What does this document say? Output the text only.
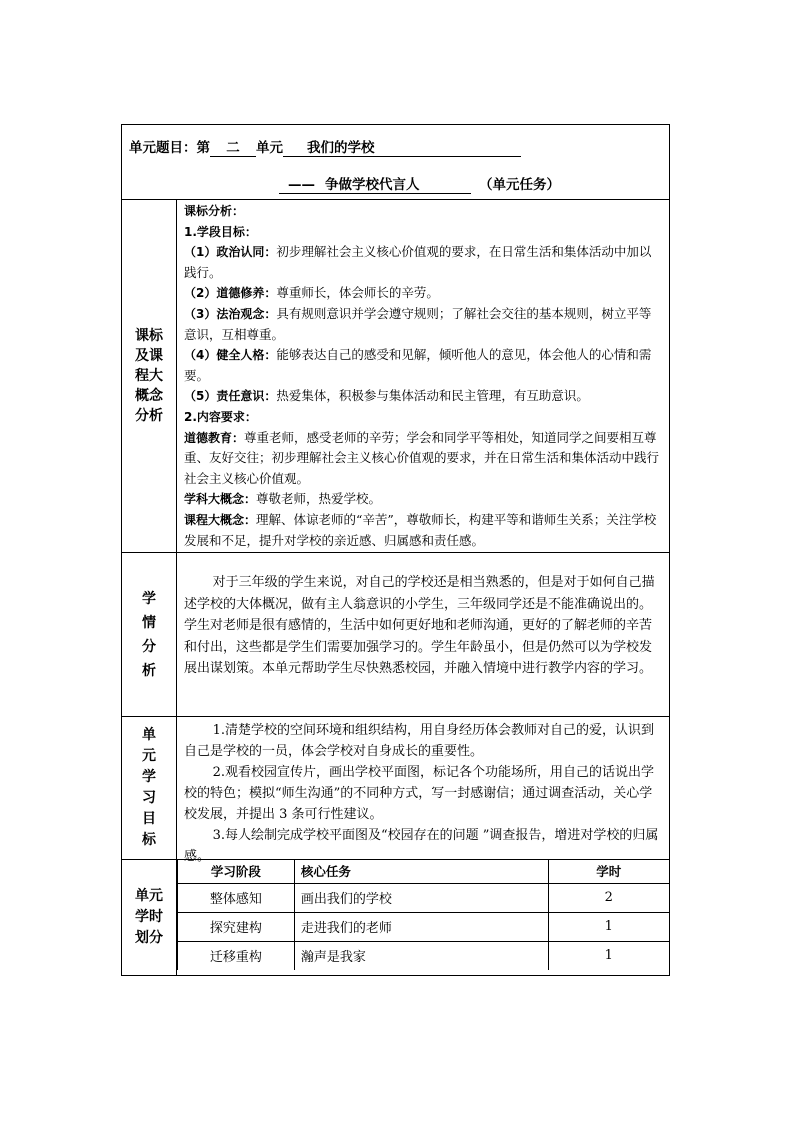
单元题目：第 二 单元 我们的学校
—— 争做学校代言人	（单元任务）
课标及课程大概念分析

课标分析：

1.学段目标：

（1）政治认同：初步理解社会主义核心价值观的要求，在日常生活和集体活动中加以践行。

（2）道德修养：尊重师长，体会师长的辛劳。

（3）法治观念：具有规则意识并学会遵守规则；了解社会交往的基本规则，树立平等意识，互相尊重。

（4）健全人格：能够表达自己的感受和见解，倾听他人的意见，体会他人的心情和需要。

（5）责任意识：热爱集体，积极参与集体活动和民主管理，有互助意识。

2.内容要求：

道德教育：尊重老师，感受老师的辛劳；学会和同学平等相处，知道同学之间要相互尊重、友好交往；初步理解社会主义核心价值观的要求，并在日常生活和集体活动中践行社会主义核心价值观。

学科大概念：尊敬老师，热爱学校。

课程大概念：理解、体谅老师的“辛苦”，尊敬师长，构建平等和谐师生关系；关注学校发展和不足，提升对学校的亲近感、归属感和责任感。

学情分析

对于三年级的学生来说，对自己的学校还是相当熟悉的，但是对于如何自己描述学校的大体概况，做有主人翁意识的小学生，三年级同学还是不能准确说出的。学生对老师是很有感情的，生活中如何更好地和老师沟通，更好的了解老师的辛苦和付出，这些都是学生们需要加强学习的。学生年龄虽小，但是仍然可以为学校发展出谋划策。本单元帮助学生尽快熟悉校园，并融入情境中进行教学内容的学习。

单元学习目标

1.清楚学校的空间环境和组织结构，用自身经历体会教师对自己的爱，认识到自己是学校的一员，体会学校对自身成长的重要性。

2.观看校园宣传片，画出学校平面图，标记各个功能场所，用自己的话说出学校的特色；模拟“师生沟通”的不同种方式，写一封感谢信；通过调查活动，关心学校发展，并提出 3 条可行性建议。

3.每人绘制完成学校平面图及“校园存在的问题 ”调查报告，增进对学校的归属感。

单元学时划分
学习阶段	核心任务	学时
整体感知	画出我们的学校	2
探究建构	走进我们的老师	1
迁移重构	瀚声是我家	1
